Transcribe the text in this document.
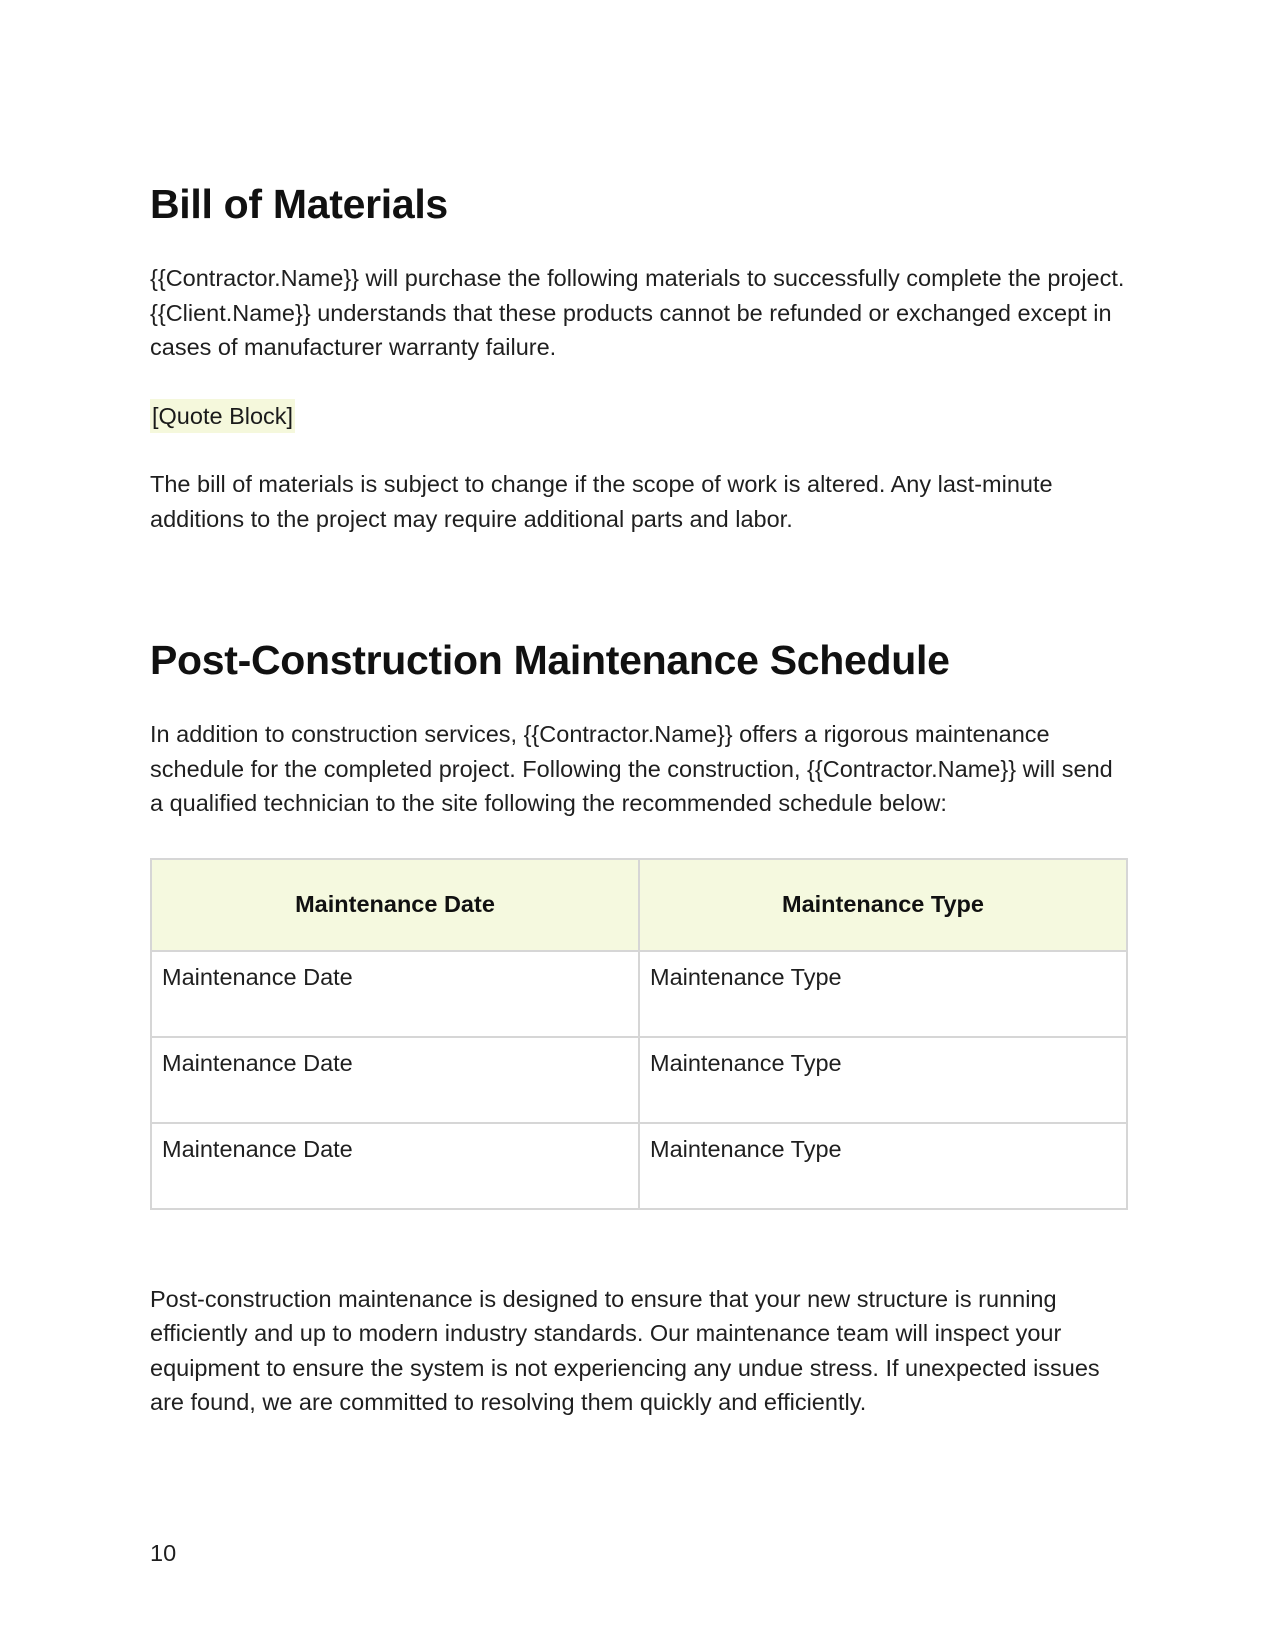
Bill of Materials

{{Contractor.Name}} will purchase the following materials to successfully complete the project. {{Client.Name}} understands that these products cannot be refunded or exchanged except in cases of manufacturer warranty failure.

[Quote Block]

The bill of materials is subject to change if the scope of work is altered. Any last-minute additions to the project may require additional parts and labor.

Post-Construction Maintenance Schedule

In addition to construction services, {{Contractor.Name}} offers a rigorous maintenance schedule for the completed project. Following the construction, {{Contractor.Name}} will send a qualified technician to the site following the recommended schedule below:

Maintenance Date	Maintenance Type
Maintenance Date	Maintenance Type
Maintenance Date	Maintenance Type
Maintenance Date	Maintenance Type

Post-construction maintenance is designed to ensure that your new structure is running efficiently and up to modern industry standards. Our maintenance team will inspect your equipment to ensure the system is not experiencing any undue stress. If unexpected issues are found, we are committed to resolving them quickly and efficiently.

10
